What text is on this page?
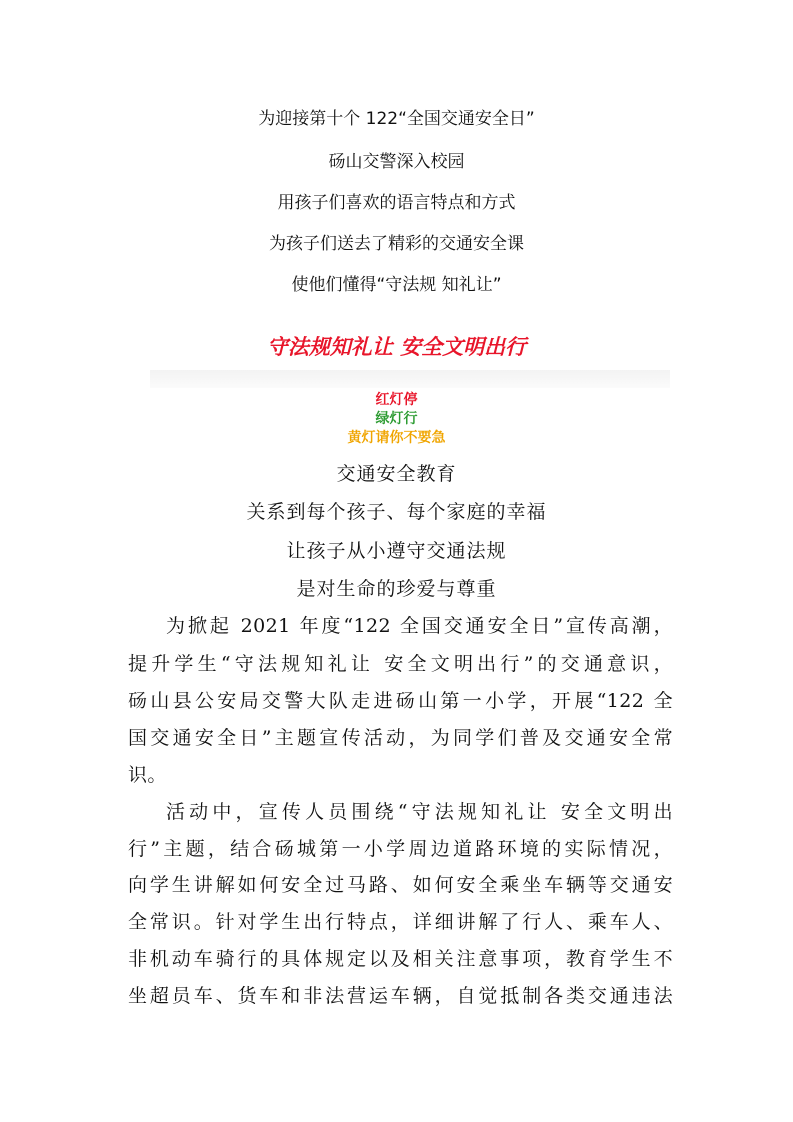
为迎接第十个 122“全国交通安全日”
砀山交警深入校园
用孩子们喜欢的语言特点和方式
为孩子们送去了精彩的交通安全课
使他们懂得“守法规 知礼让”
守法规知礼让 安全文明出行
红灯停
绿灯行
黄灯请你不要急
交通安全教育
关系到每个孩子、每个家庭的幸福
让孩子从小遵守交通法规
是对生命的珍爱与尊重
为掀起 2021 年度“122 全国交通安全日”宣传高潮，
提升学生“守法规知礼让 安全文明出行”的交通意识，
砀山县公安局交警大队走进砀山第一小学，开展“122 全
国交通安全日”主题宣传活动，为同学们普及交通安全常
识。
活动中，宣传人员围绕“守法规知礼让 安全文明出
行”主题，结合砀城第一小学周边道路环境的实际情况，
向学生讲解如何安全过马路、如何安全乘坐车辆等交通安
全常识。针对学生出行特点，详细讲解了行人、乘车人、
非机动车骑行的具体规定以及相关注意事项，教育学生不
坐超员车、货车和非法营运车辆，自觉抵制各类交通违法
